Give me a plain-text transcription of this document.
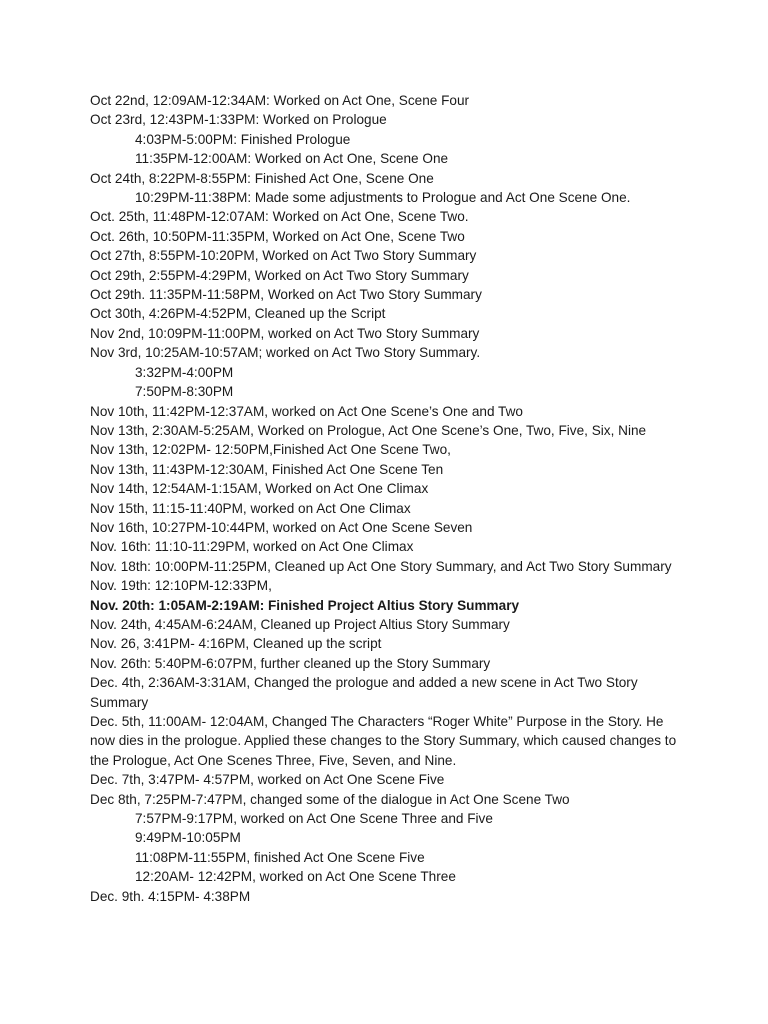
Oct 22nd, 12:09AM-12:34AM: Worked on Act One, Scene Four

Oct 23rd, 12:43PM-1:33PM: Worked on Prologue

4:03PM-5:00PM: Finished Prologue

11:35PM-12:00AM: Worked on Act One, Scene One

Oct 24th, 8:22PM-8:55PM: Finished Act One, Scene One

10:29PM-11:38PM: Made some adjustments to Prologue and Act One Scene One.

Oct. 25th, 11:48PM-12:07AM: Worked on Act One, Scene Two.

Oct. 26th, 10:50PM-11:35PM, Worked on Act One, Scene Two

Oct 27th, 8:55PM-10:20PM, Worked on Act Two Story Summary

Oct 29th, 2:55PM-4:29PM, Worked on Act Two Story Summary

Oct 29th. 11:35PM-11:58PM, Worked on Act Two Story Summary

Oct 30th, 4:26PM-4:52PM, Cleaned up the Script

Nov 2nd, 10:09PM-11:00PM, worked on Act Two Story Summary

Nov 3rd, 10:25AM-10:57AM; worked on Act Two Story Summary.

3:32PM-4:00PM

7:50PM-8:30PM

Nov 10th, 11:42PM-12:37AM, worked on Act One Scene’s One and Two

Nov 13th, 2:30AM-5:25AM, Worked on Prologue, Act One Scene’s One, Two, Five, Six, Nine

Nov 13th, 12:02PM- 12:50PM,Finished Act One Scene Two,

Nov 13th, 11:43PM-12:30AM, Finished Act One Scene Ten

Nov 14th, 12:54AM-1:15AM, Worked on Act One Climax

Nov 15th, 11:15-11:40PM, worked on Act One Climax

Nov 16th, 10:27PM-10:44PM, worked on Act One Scene Seven

Nov. 16th: 11:10-11:29PM, worked on Act One Climax

Nov. 18th: 10:00PM-11:25PM, Cleaned up Act One Story Summary, and Act Two Story Summary

Nov. 19th: 12:10PM-12:33PM,

Nov. 20th: 1:05AM-2:19AM: Finished Project Altius Story Summary

Nov. 24th, 4:45AM-6:24AM, Cleaned up Project Altius Story Summary

Nov. 26, 3:41PM- 4:16PM, Cleaned up the script

Nov. 26th: 5:40PM-6:07PM, further cleaned up the Story Summary

Dec. 4th, 2:36AM-3:31AM, Changed the prologue and added a new scene in Act Two Story Summary

Dec. 5th, 11:00AM- 12:04AM, Changed The Characters “Roger White” Purpose in the Story. He now dies in the prologue. Applied these changes to the Story Summary, which caused changes to the Prologue, Act One Scenes Three, Five, Seven, and Nine.

Dec. 7th, 3:47PM- 4:57PM, worked on Act One Scene Five

Dec 8th, 7:25PM-7:47PM, changed some of the dialogue in Act One Scene Two

7:57PM-9:17PM, worked on Act One Scene Three and Five

9:49PM-10:05PM

11:08PM-11:55PM, finished Act One Scene Five

12:20AM- 12:42PM, worked on Act One Scene Three

Dec. 9th. 4:15PM- 4:38PM
